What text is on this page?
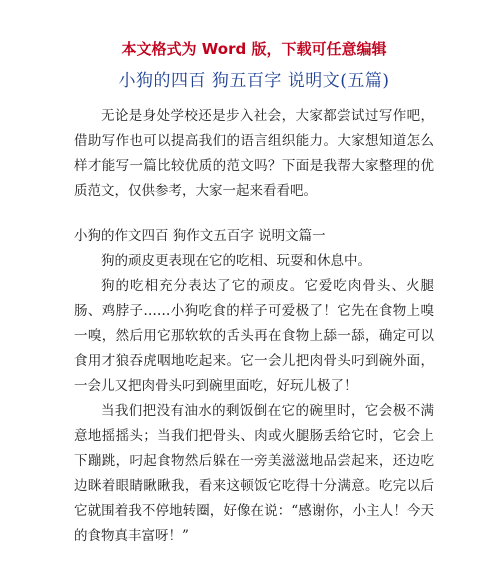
本文格式为 Word 版，下载可任意编辑
小狗的四百 狗五百字 说明文(五篇)

无论是身处学校还是步入社会，大家都尝试过写作吧，借助写作也可以提高我们的语言组织能力。大家想知道怎么样才能写一篇比较优质的范文吗？下面是我帮大家整理的优质范文，仅供参考，大家一起来看看吧。

小狗的作文四百 狗作文五百字 说明文篇一

狗的顽皮更表现在它的吃相、玩耍和休息中。

狗的吃相充分表达了它的顽皮。它爱吃肉骨头、火腿肠、鸡脖子……小狗吃食的样子可爱极了！它先在食物上嗅一嗅，然后用它那软软的舌头再在食物上舔一舔，确定可以食用才狼吞虎咽地吃起来。它一会儿把肉骨头叼到碗外面，一会儿又把肉骨头叼到碗里面吃，好玩儿极了！

当我们把没有油水的剩饭倒在它的碗里时，它会极不满意地摇摇头；当我们把骨头、肉或火腿肠丢给它时，它会上下蹦跳，叼起食物然后躲在一旁美滋滋地品尝起来，还边吃边眯着眼睛瞅瞅我，看来这顿饭它吃得十分满意。吃完以后它就围着我不停地转圈，好像在说：“感谢你，小主人！今天的食物真丰富呀！”
